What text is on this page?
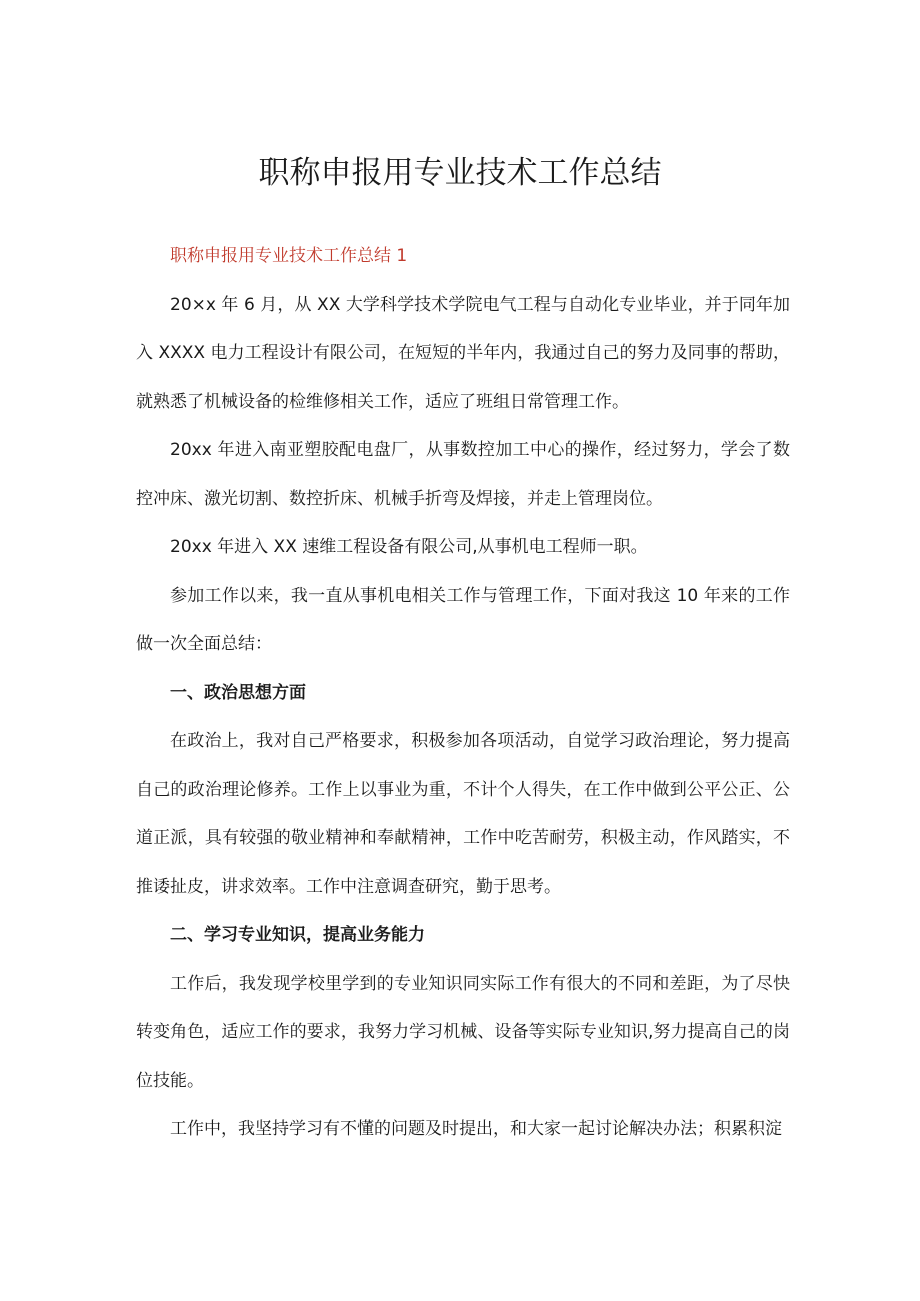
职称申报用专业技术工作总结

职称申报用专业技术工作总结 1

20×x 年 6 月，从 XX 大学科学技术学院电气工程与自动化专业毕业，并于同年加入 XXXX 电力工程设计有限公司，在短短的半年内，我通过自己的努力及同事的帮助，就熟悉了机械设备的检维修相关工作，适应了班组日常管理工作。

20xx 年进入南亚塑胶配电盘厂，从事数控加工中心的操作，经过努力，学会了数控冲床、激光切割、数控折床、机械手折弯及焊接，并走上管理岗位。

20xx 年进入 XX 速维工程设备有限公司,从事机电工程师一职。

参加工作以来，我一直从事机电相关工作与管理工作，下面对我这 10 年来的工作做一次全面总结：

一、政治思想方面

在政治上，我对自己严格要求，积极参加各项活动，自觉学习政治理论，努力提高自己的政治理论修养。工作上以事业为重，不计个人得失，在工作中做到公平公正、公道正派，具有较强的敬业精神和奉献精神，工作中吃苦耐劳，积极主动，作风踏实，不推诿扯皮，讲求效率。工作中注意调查研究，勤于思考。

二、学习专业知识，提高业务能力

工作后，我发现学校里学到的专业知识同实际工作有很大的不同和差距，为了尽快转变角色，适应工作的要求，我努力学习机械、设备等实际专业知识,努力提高自己的岗位技能。

工作中，我坚持学习有不懂的问题及时提出，和大家一起讨论解决办法；积累积淀
